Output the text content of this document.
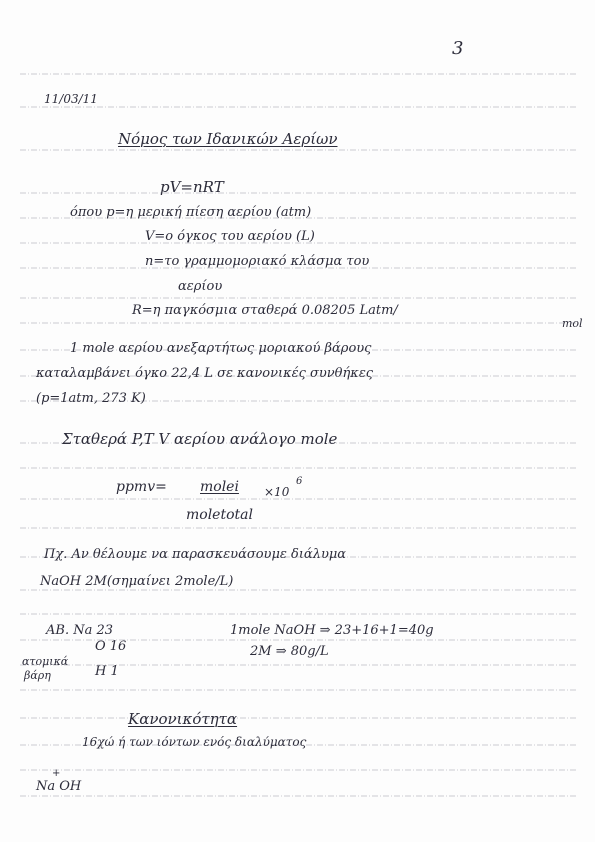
3
11/03/11
Νόμος των Ιδανικών Αερίων
pV=nRT
όπου p=η μερική πίεση αερίου (atm)
V=ο όγκος του αερίου (L)
n=το γραμμομοριακό κλάσμα του
αερίου
R=η παγκόσμια σταθερά 0.08205 Latm/
mol
1 mole αερίου ανεξαρτήτως μοριακού βάρους
καταλαμβάνει όγκο 22,4 L σε κανονικές συνθήκες
(p=1atm, 273 K)
Σταθερά P,T V αερίου ανάλογο mole
ppmv= molei ×10
6
moletotal
Πχ. Αν θέλουμε να παρασκευάσουμε διάλυμα
NaOH 2M(σημαίνει 2mole/L)
AB. Na 23
O 16
H 1
ατομικά
βάρη
1mole NaOH ⇒ 23+16+1=40g
2M ⇒ 80g/L
Κανονικότητα
16χώ ή των ιόντων ενός διαλύματος
Na OH
+
